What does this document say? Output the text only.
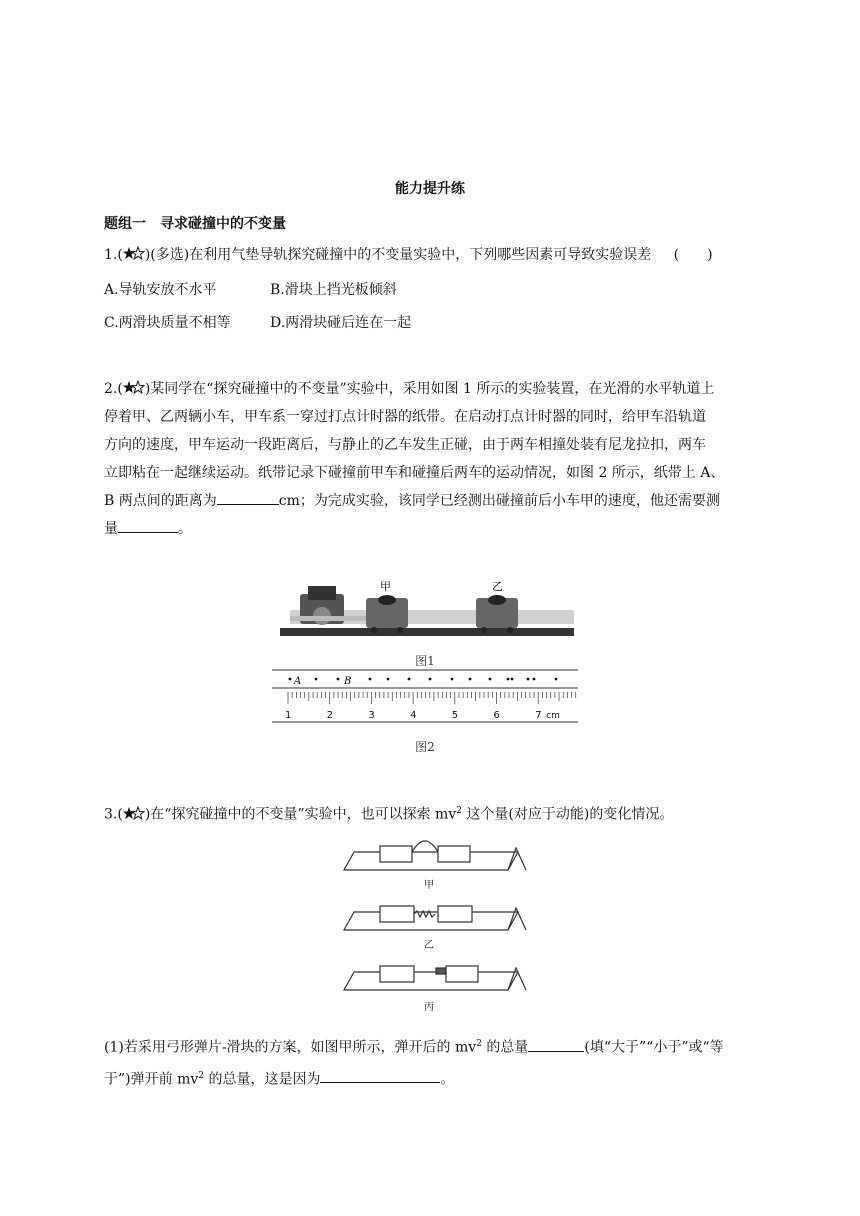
能力提升练
题组一　寻求碰撞中的不变量
1.( )(多选)在利用气垫导轨探究碰撞中的不变量实验中，下列哪些因素可导致实验误差 (　　)
A.导轨安放不水平	B.滑块上挡光板倾斜
C.两滑块质量不相等	D.两滑块碰后连在一起
2.( )某同学在“探究碰撞中的不变量”实验中，采用如图 1 所示的实验装置，在光滑的水平轨道上
停着甲、乙两辆小车，甲车系一穿过打点计时器的纸带。在启动打点计时器的同时，给甲车沿轨道
方向的速度，甲车运动一段距离后，与静止的乙车发生正碰，由于两车相撞处装有尼龙拉扣，两车
立即粘在一起继续运动。纸带记录下碰撞前甲车和碰撞后两车的运动情况，如图 2 所示，纸带上 A、
B 两点间的距离为	cm；为完成实验，该同学已经测出碰撞前后小车甲的速度，他还需要测
量	。
甲	乙
图1
A	B
1	2	3	4	5	6	7 cm
图2
3.( )在“探究碰撞中的不变量”实验中，也可以探索 $mv^2$ 这个量(对应于动能)的变化情况。
甲
乙
丙
(1)若采用弓形弹片-滑块的方案，如图甲所示，弹开后的 $mv^2$ 的总量	(填“大于”“小于”或“等
于”)弹开前 $mv^2$ 的总量，这是因为	。
